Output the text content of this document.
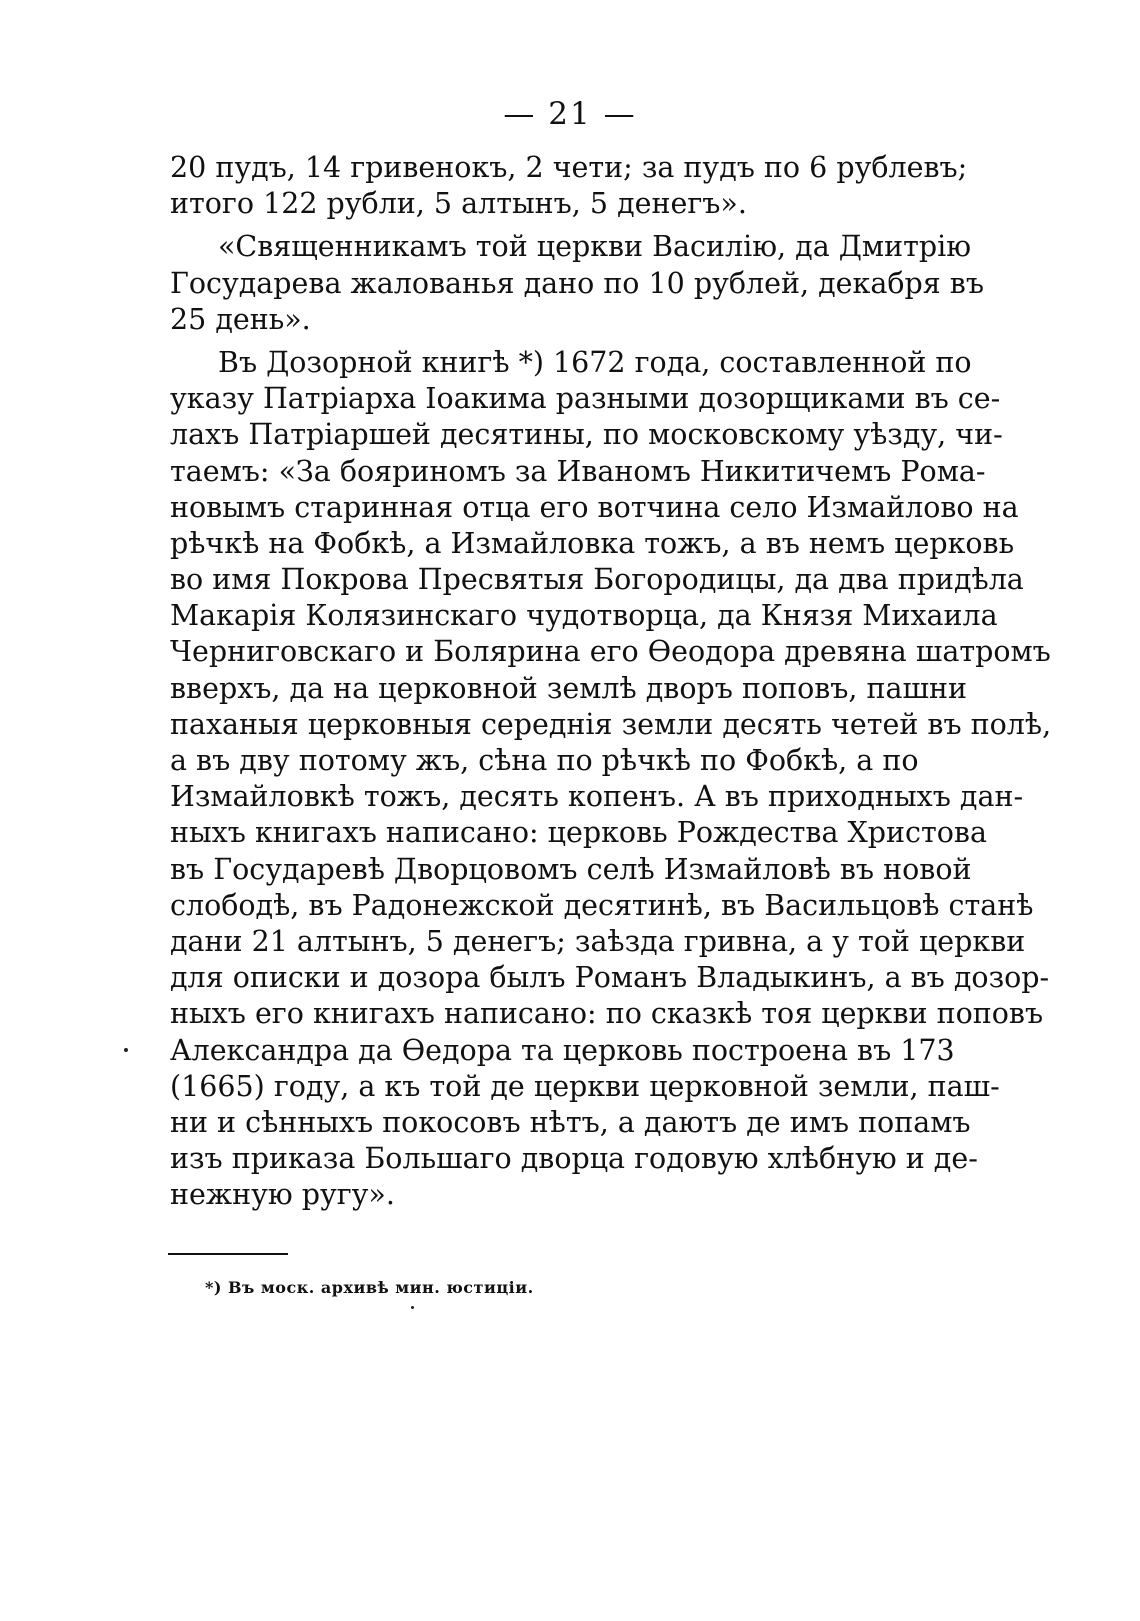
— 21 —
20 пудъ, 14 гривенокъ, 2 чети; за пудъ по 6 рублевъ;
итого 122 рубли, 5 алтынъ, 5 денегъ».
«Священникамъ той церкви Василію, да Дмитрію
Государева жалованья дано по 10 рублей, декабря въ
25 день».
Въ Дозорной книгѣ *) 1672 года, составленной по
указу Патріарха Іоакима разными дозорщиками въ се-
лахъ Патріаршей десятины, по московскому уѣзду, чи-
таемъ: «За бояриномъ за Иваномъ Никитичемъ Рома-
новымъ старинная отца его вотчина село Измайлово на
рѣчкѣ на Фобкѣ, а Измайловка тожъ, а въ немъ церковь
во имя Покрова Пресвятыя Богородицы, да два придѣла
Макарія Колязинскаго чудотворца, да Князя Михаила
Черниговскаго и Болярина его Ѳеодора древяна шатромъ
вверхъ, да на церковной землѣ дворъ поповъ, пашни
паханыя церковныя середнія земли десять четей въ полѣ,
а въ дву потому жъ, сѣна по рѣчкѣ по Фобкѣ, а по
Измайловкѣ тожъ, десять копенъ. А въ приходныхъ дан-
ныхъ книгахъ написано: церковь Рождества Христова
въ Государевѣ Дворцовомъ селѣ Измайловѣ въ новой
слободѣ, въ Радонежской десятинѣ, въ Васильцовѣ станѣ
дани 21 алтынъ, 5 денегъ; заѣзда гривна, а у той церкви
для описки и дозора былъ Романъ Владыкинъ, а въ дозор-
ныхъ его книгахъ написано: по сказкѣ тоя церкви поповъ
Александра да Ѳедора та церковь построена въ 173
(1665) году, а къ той де церкви церковной земли, паш-
ни и сѣнныхъ покосовъ нѣтъ, а даютъ де имъ попамъ
изъ приказа Большаго дворца годовую хлѣбную и де-
нежную ругу».
*) Въ моск. архивѣ мин. юстиціи.
